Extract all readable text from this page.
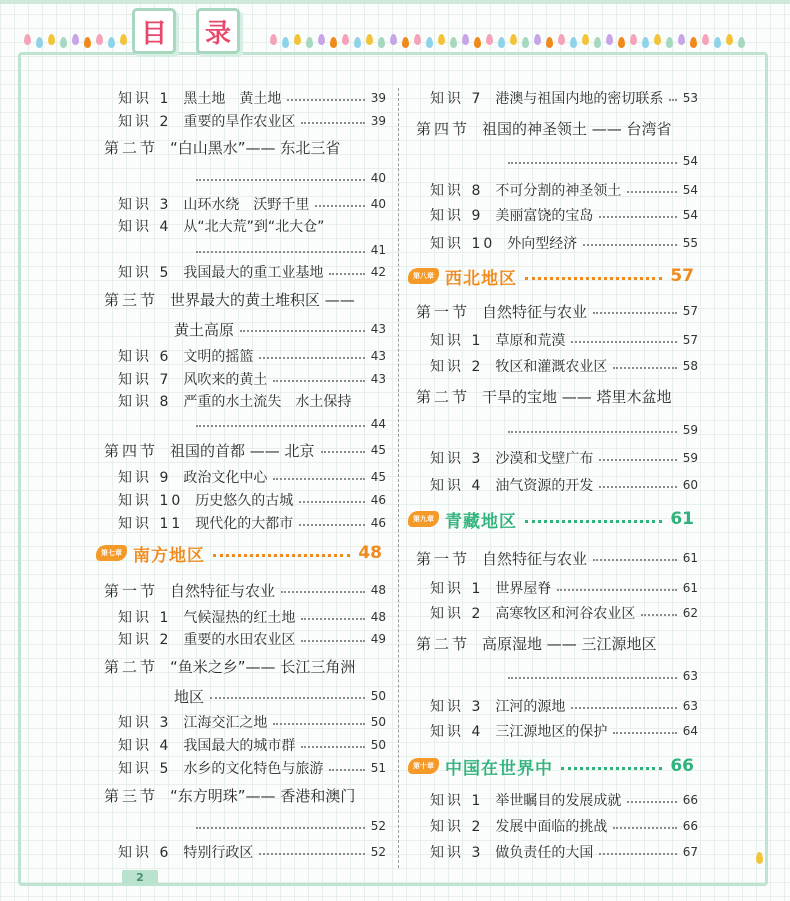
目 录
知识 1 黑土地　黄土地	39
知识 2 重要的旱作农业区	39
第二节 “白山黑水”—— 东北三省
40
知识 3 山环水绕　沃野千里	40
知识 4 从“北大荒”到“北大仓”
41
知识 5 我国最大的重工业基地	42
第三节 世界最大的黄土堆积区 ——
黄土高原	43
知识 6 文明的摇篮	43
知识 7 风吹来的黄土	43
知识 8 严重的水土流失　水土保持
44
第四节 祖国的首都 —— 北京	45
知识 9 政治文化中心	45
知识 10 历史悠久的古城	46
知识 11 现代化的大都市	46
第七章 南方地区	48
第一节 自然特征与农业	48
知识 1 气候湿热的红土地	48
知识 2 重要的水田农业区	49
第二节 “鱼米之乡”—— 长江三角洲
地区	50
知识 3 江海交汇之地	50
知识 4 我国最大的城市群	50
知识 5 水乡的文化特色与旅游	51
第三节 “东方明珠”—— 香港和澳门
52
知识 6 特别行政区	52
知识 7 港澳与祖国内地的密切联系 53
第四节 祖国的神圣领土 —— 台湾省
54
知识 8 不可分割的神圣领土	54
知识 9 美丽富饶的宝岛	54
知识 10 外向型经济	55
第八章 西北地区	57
第一节 自然特征与农业	57
知识 1 草原和荒漠	57
知识 2 牧区和灌溉农业区	58
第二节 干旱的宝地 —— 塔里木盆地
59
知识 3 沙漠和戈壁广布	59
知识 4 油气资源的开发	60
第九章 青藏地区	61
第一节 自然特征与农业	61
知识 1 世界屋脊	61
知识 2 高寒牧区和河谷农业区	62
第二节 高原湿地 —— 三江源地区
63
知识 3 江河的源地	63
知识 4 三江源地区的保护	64
第十章 中国在世界中	66
知识 1 举世瞩目的发展成就	66
知识 2 发展中面临的挑战	66
知识 3 做负责任的大国	67
2
